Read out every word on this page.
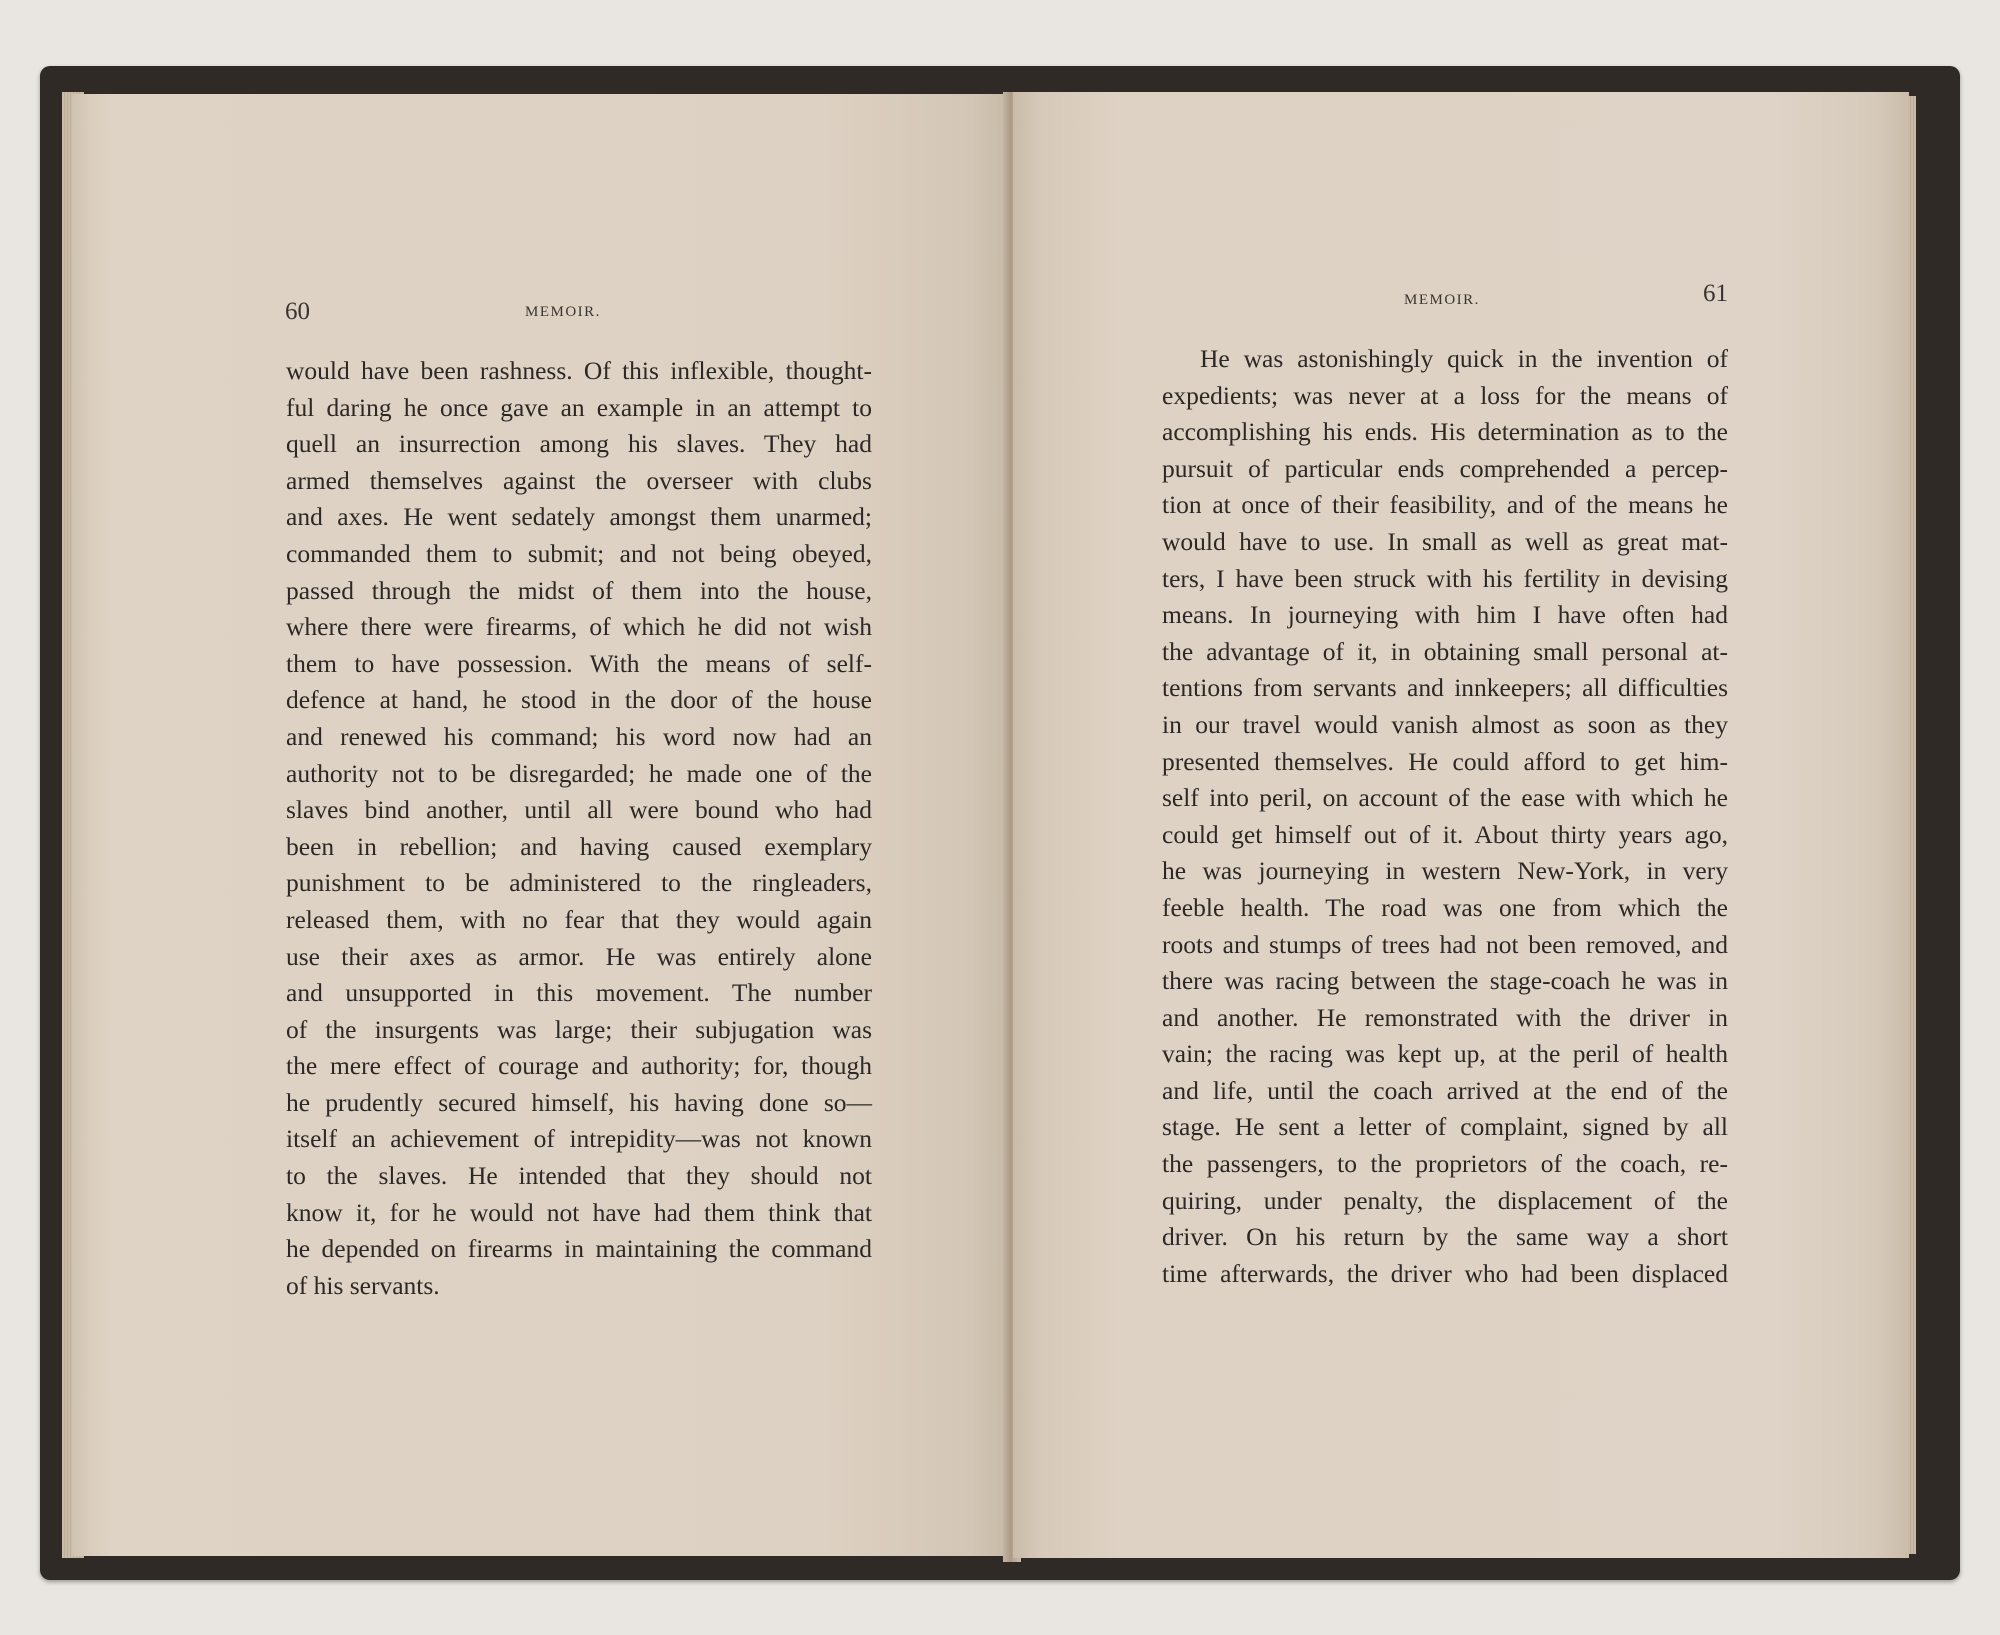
60	MEMOIR.
would have been rashness. Of this inflexible, thought-
ful daring he once gave an example in an attempt to
quell an insurrection among his slaves. They had
armed themselves against the overseer with clubs
and axes. He went sedately amongst them unarmed;
commanded them to submit; and not being obeyed,
passed through the midst of them into the house,
where there were firearms, of which he did not wish
them to have possession. With the means of self-
defence at hand, he stood in the door of the house
and renewed his command; his word now had an
authority not to be disregarded; he made one of the
slaves bind another, until all were bound who had
been in rebellion; and having caused exemplary
punishment to be administered to the ringleaders,
released them, with no fear that they would again
use their axes as armor. He was entirely alone
and unsupported in this movement. The number
of the insurgents was large; their subjugation was
the mere effect of courage and authority; for, though
he prudently secured himself, his having done so—
itself an achievement of intrepidity—was not known
to the slaves. He intended that they should not
know it, for he would not have had them think that
he depended on firearms in maintaining the command
of his servants.
MEMOIR.	61
He was astonishingly quick in the invention of
expedients; was never at a loss for the means of
accomplishing his ends. His determination as to the
pursuit of particular ends comprehended a percep-
tion at once of their feasibility, and of the means he
would have to use. In small as well as great mat-
ters, I have been struck with his fertility in devising
means. In journeying with him I have often had
the advantage of it, in obtaining small personal at-
tentions from servants and innkeepers; all difficulties
in our travel would vanish almost as soon as they
presented themselves. He could afford to get him-
self into peril, on account of the ease with which he
could get himself out of it. About thirty years ago,
he was journeying in western New-York, in very
feeble health. The road was one from which the
roots and stumps of trees had not been removed, and
there was racing between the stage-coach he was in
and another. He remonstrated with the driver in
vain; the racing was kept up, at the peril of health
and life, until the coach arrived at the end of the
stage. He sent a letter of complaint, signed by all
the passengers, to the proprietors of the coach, re-
quiring, under penalty, the displacement of the
driver. On his return by the same way a short
time afterwards, the driver who had been displaced
